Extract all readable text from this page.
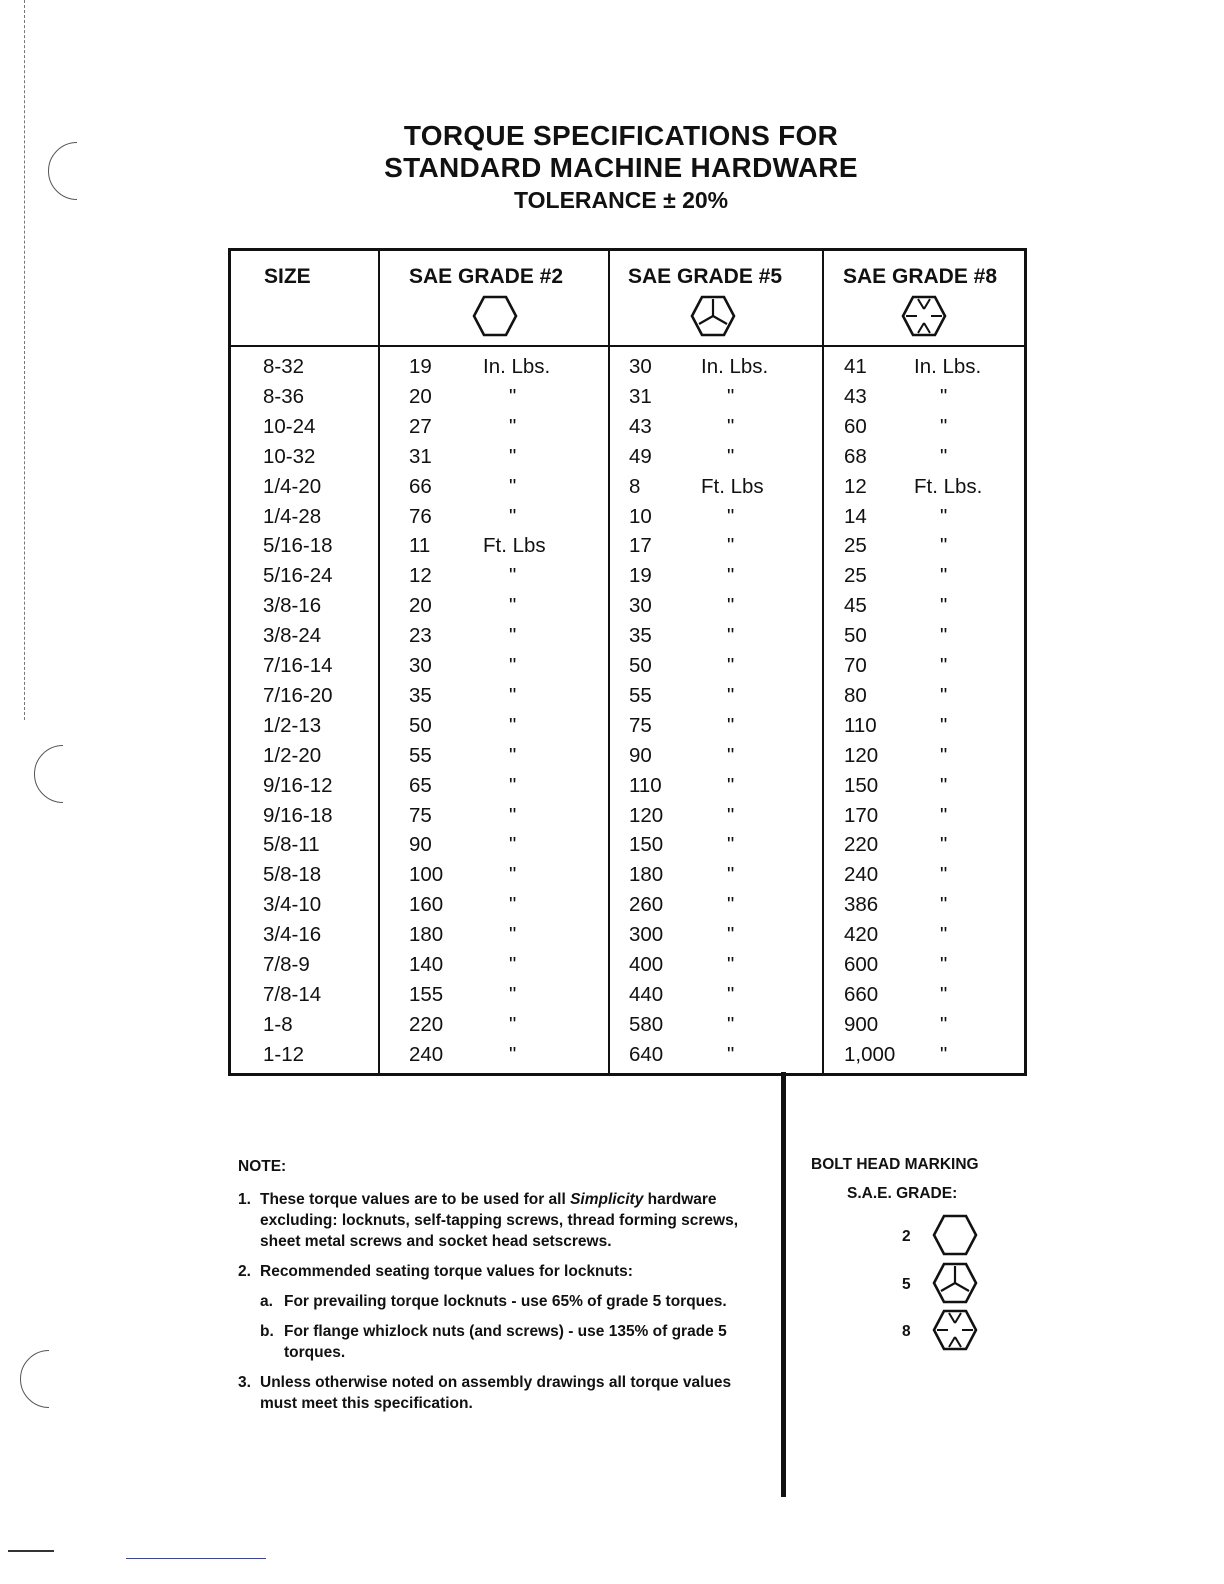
TORQUE SPECIFICATIONS FOR
STANDARD MACHINE HARDWARE
TOLERANCE ± 20%
SIZE	SAE GRADE #2	SAE GRADE #5	SAE GRADE #8
8-32	19 In. Lbs.	30 In. Lbs.	41 In. Lbs.
8-36	20	"	31	"	43	"
10-24	27	"	43	"	60	"
10-32	31	"	49	"	68	"
1/4-20	66	"	8	Ft. Lbs	12 Ft. Lbs.
1/4-28	76	"	10	"	14	"
5/16-18	11	Ft. Lbs	17	"	25	"
5/16-24	12	"	19	"	25	"
3/8-16	20	"	30	"	45	"
3/8-24	23	"	35	"	50	"
7/16-14	30	"	50	"	70	"
7/16-20	35	"	55	"	80	"
1/2-13	50	"	75	"	110	"
1/2-20	55	"	90	"	120	"
9/16-12	65	"	110	"	150	"
9/16-18	75	"	120	"	170	"
5/8-11	90	"	150	"	220	"
5/8-18	100	"	180	"	240	"
3/4-10	160	"	260	"	386	"
3/4-16	180	"	300	"	420	"
7/8-9	140	"	400	"	600	"
7/8-14	155	"	440	"	660	"
1-8	220	"	580	"	900	"
1-12	240	"	640	"	1,000	"
NOTE:
1. These torque values are to be used for all Simplicity hardware excluding: locknuts, self-tapping screws, thread forming screws, sheet metal screws and socket head setscrews.
2. Recommended seating torque values for locknuts:
a. For prevailing torque locknuts - use 65% of grade 5 torques.
b. For flange whizlock nuts (and screws) - use 135% of grade 5 torques.
3. Unless otherwise noted on assembly drawings all torque values must meet this specification.
BOLT HEAD MARKING
S.A.E. GRADE:
2
5
8
